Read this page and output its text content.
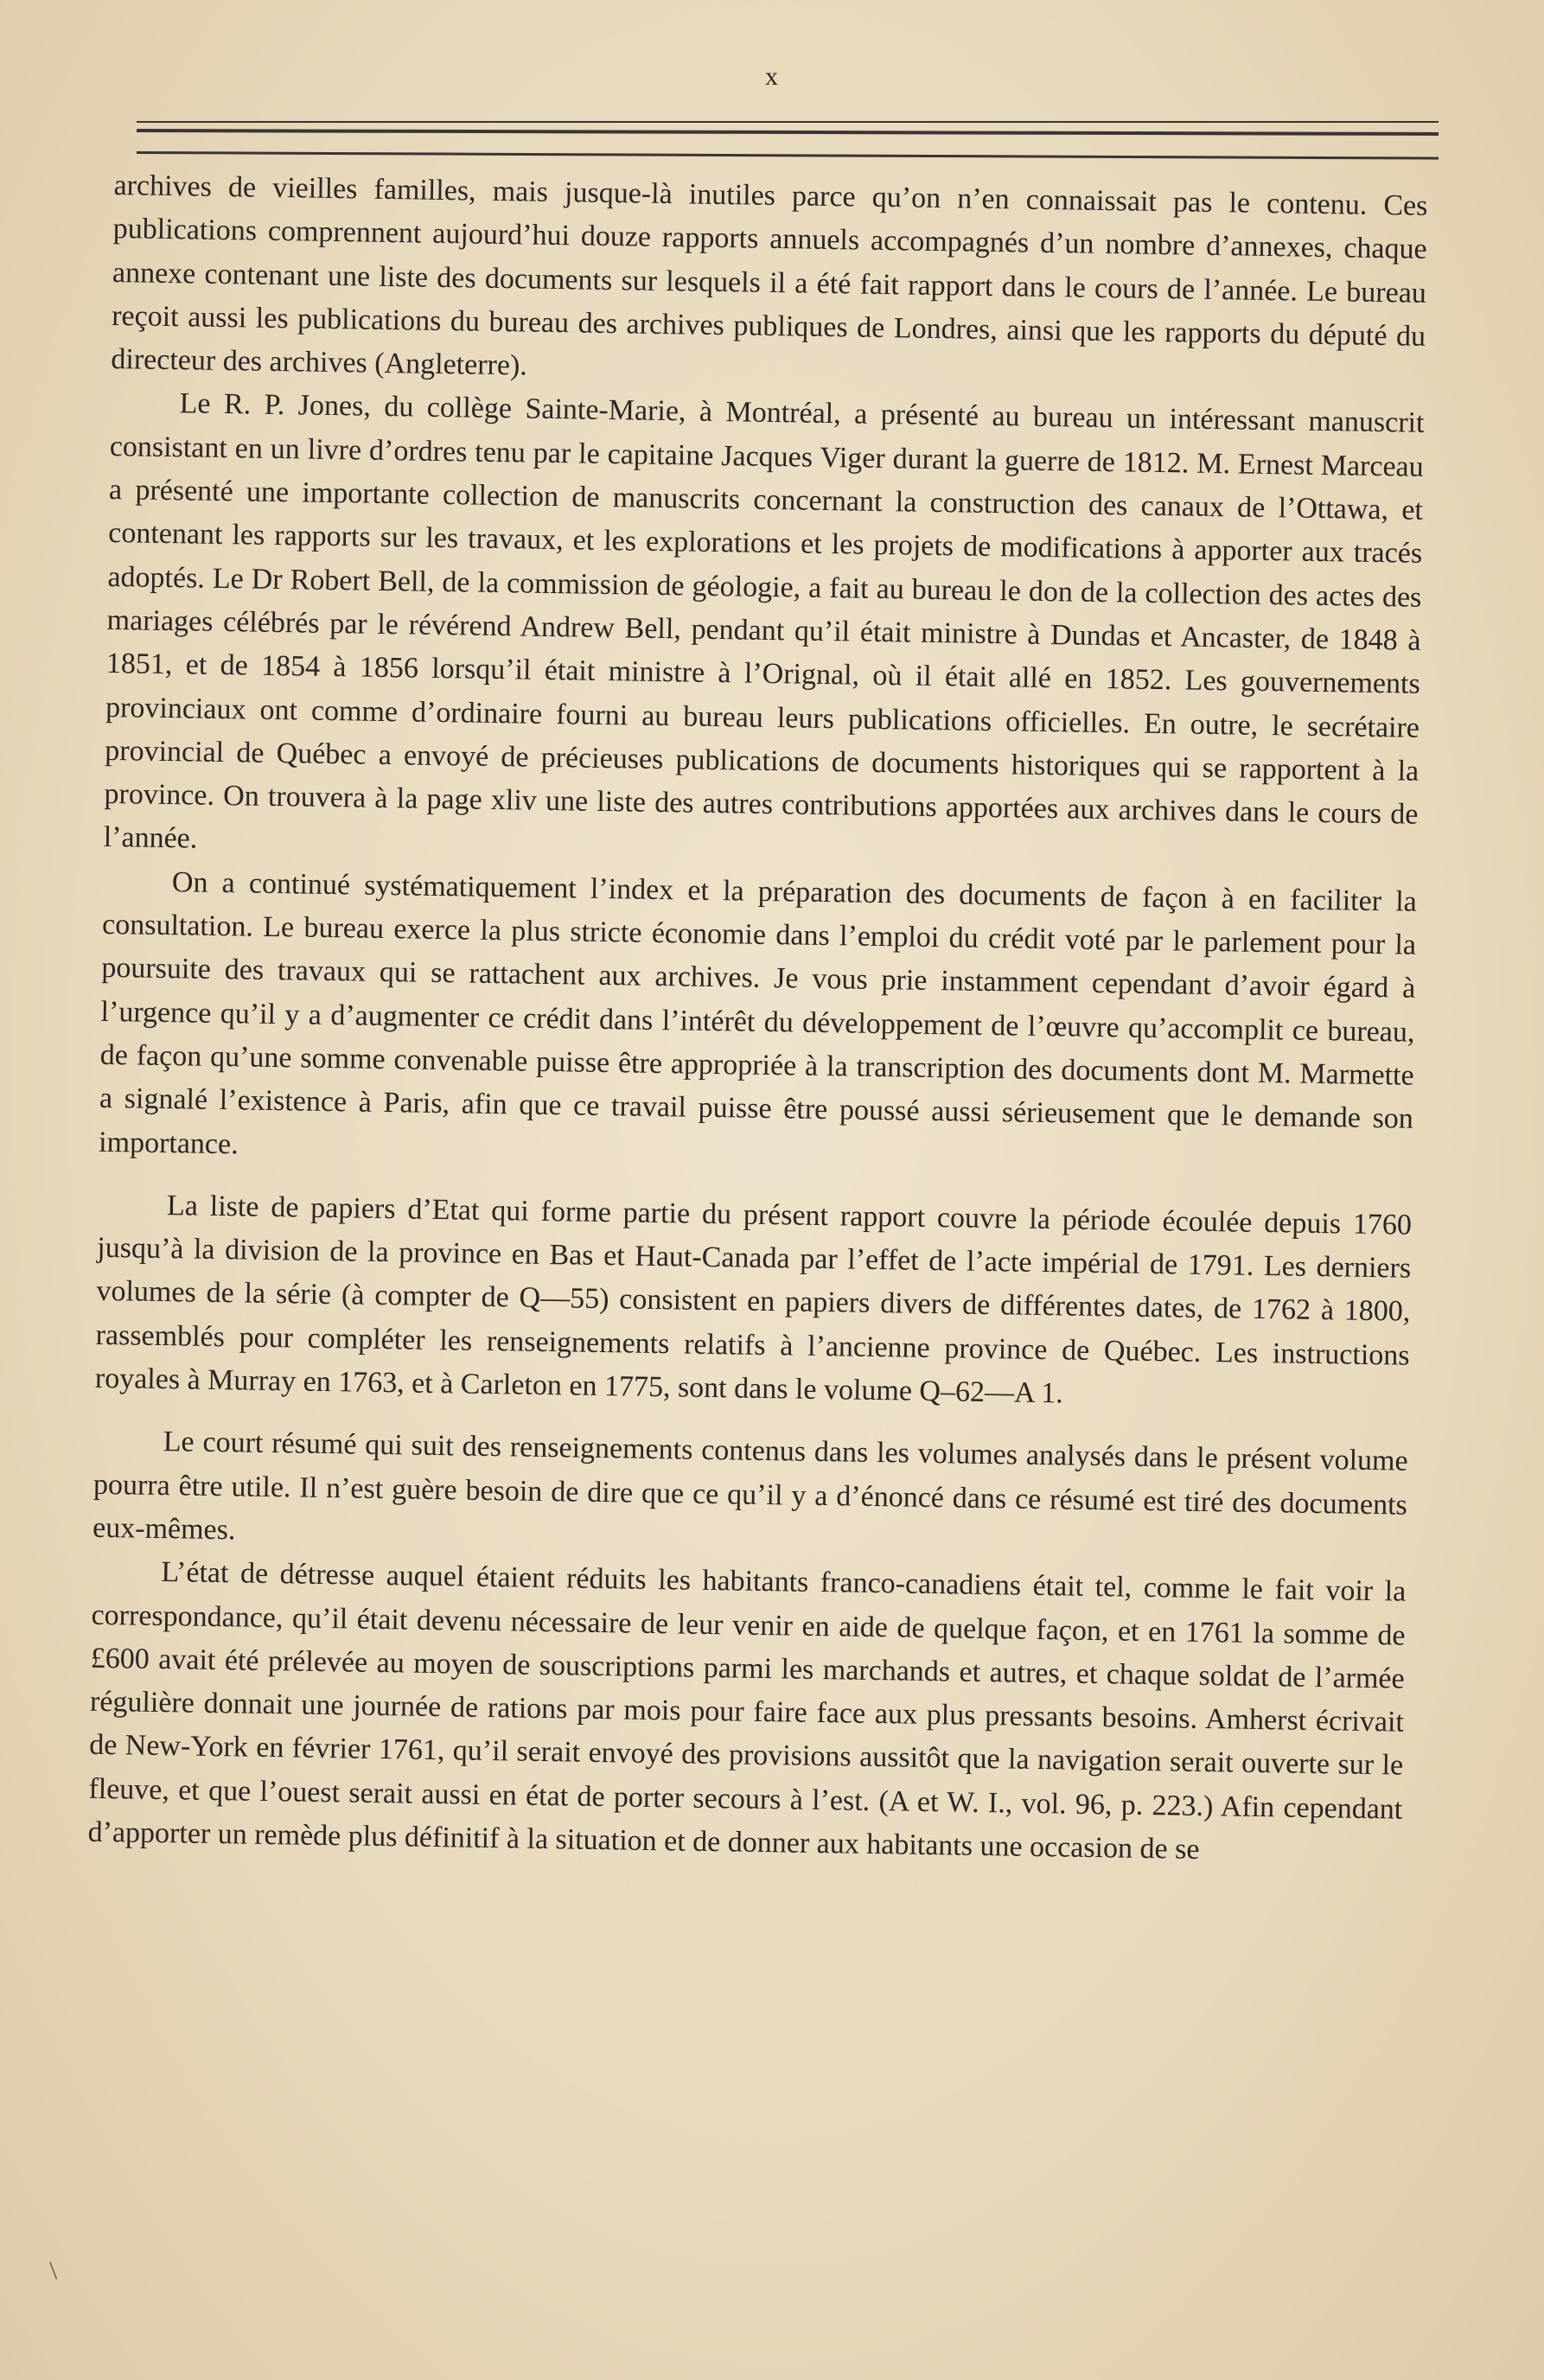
x

archives de vieilles familles, mais jusque-là inutiles parce qu’on n’en connaissait pas le contenu. Ces publications comprennent aujourd’hui douze rapports annuels accompagnés d’un nombre d’annexes, chaque annexe contenant une liste des documents sur lesquels il a été fait rapport dans le cours de l’année. Le bureau reçoit aussi les publications du bureau des archives publiques de Londres, ainsi que les rapports du député du directeur des archives (Angleterre).

Le R. P. Jones, du collège Sainte-Marie, à Montréal, a présenté au bureau un intéressant manuscrit consistant en un livre d’ordres tenu par le capitaine Jacques Viger durant la guerre de 1812. M. Ernest Marceau a présenté une importante collection de manuscrits concernant la construction des canaux de l’Ottawa, et contenant les rapports sur les travaux, et les explorations et les projets de modifications à apporter aux tracés adoptés. Le Dr Robert Bell, de la commission de géologie, a fait au bureau le don de la collection des actes des mariages célébrés par le révérend Andrew Bell, pendant qu’il était ministre à Dundas et Ancaster, de 1848 à 1851, et de 1854 à 1856 lorsqu’il était ministre à l’Orignal, où il était allé en 1852. Les gouvernements provinciaux ont comme d’ordinaire fourni au bureau leurs publications officielles. En outre, le secrétaire provincial de Québec a envoyé de précieuses publications de documents historiques qui se rapportent à la province. On trouvera à la page xliv une liste des autres contributions apportées aux archives dans le cours de l’année.

On a continué systématiquement l’index et la préparation des documents de façon à en faciliter la consultation. Le bureau exerce la plus stricte économie dans l’emploi du crédit voté par le parlement pour la poursuite des travaux qui se rattachent aux archives. Je vous prie instamment cependant d’avoir égard à l’urgence qu’il y a d’augmenter ce crédit dans l’intérêt du développement de l’œuvre qu’accomplit ce bureau, de façon qu’une somme convenable puisse être appropriée à la transcription des documents dont M. Marmette a signalé l’existence à Paris, afin que ce travail puisse être poussé aussi sérieusement que le demande son importance.

La liste de papiers d’Etat qui forme partie du présent rapport couvre la période écoulée depuis 1760 jusqu’à la division de la province en Bas et Haut-Canada par l’effet de l’acte impérial de 1791. Les derniers volumes de la série (à compter de Q—55) consistent en papiers divers de différentes dates, de 1762 à 1800, rassemblés pour compléter les renseignements relatifs à l’ancienne province de Québec. Les instructions royales à Murray en 1763, et à Carleton en 1775, sont dans le volume Q–62—A 1.

Le court résumé qui suit des renseignements contenus dans les volumes analysés dans le présent volume pourra être utile. Il n’est guère besoin de dire que ce qu’il y a d’énoncé dans ce résumé est tiré des documents eux-mêmes.

L’état de détresse auquel étaient réduits les habitants franco-canadiens était tel, comme le fait voir la correspondance, qu’il était devenu nécessaire de leur venir en aide de quelque façon, et en 1761 la somme de £600 avait été prélevée au moyen de souscriptions parmi les marchands et autres, et chaque soldat de l’armée régulière donnait une journée de rations par mois pour faire face aux plus pressants besoins. Amherst écrivait de New-York en février 1761, qu’il serait envoyé des provisions aussitôt que la navigation serait ouverte sur le fleuve, et que l’ouest serait aussi en état de porter secours à l’est. (A et W. I., vol. 96, p. 223.) Afin cependant d’apporter un remède plus définitif à la situation et de donner aux habitants une occasion de se

/
